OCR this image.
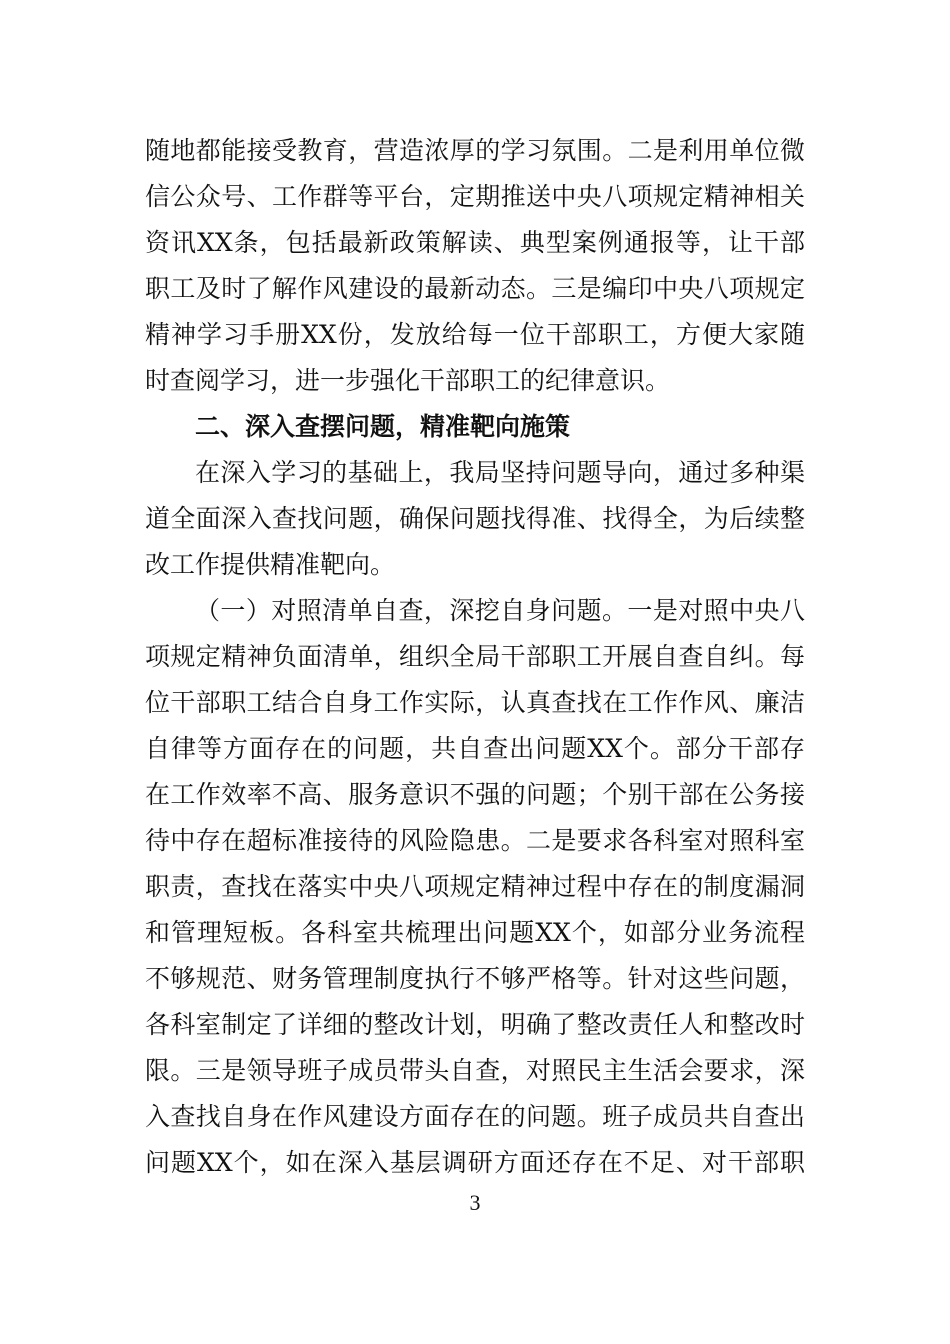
随地都能接受教育，营造浓厚的学习氛围。二是利用单位微
信公众号、工作群等平台，定期推送中央八项规定精神相关
资讯XX条，包括最新政策解读、典型案例通报等，让干部
职工及时了解作风建设的最新动态。三是编印中央八项规定
精神学习手册XX份，发放给每一位干部职工，方便大家随
时查阅学习，进一步强化干部职工的纪律意识。
二、深入查摆问题，精准靶向施策
在深入学习的基础上，我局坚持问题导向，通过多种渠
道全面深入查找问题，确保问题找得准、找得全，为后续整
改工作提供精准靶向。
（一）对照清单自查，深挖自身问题。一是对照中央八
项规定精神负面清单，组织全局干部职工开展自查自纠。每
位干部职工结合自身工作实际，认真查找在工作作风、廉洁
自律等方面存在的问题，共自查出问题XX个。部分干部存
在工作效率不高、服务意识不强的问题；个别干部在公务接
待中存在超标准接待的风险隐患。二是要求各科室对照科室
职责，查找在落实中央八项规定精神过程中存在的制度漏洞
和管理短板。各科室共梳理出问题XX个，如部分业务流程
不够规范、财务管理制度执行不够严格等。针对这些问题，
各科室制定了详细的整改计划，明确了整改责任人和整改时
限。三是领导班子成员带头自查，对照民主生活会要求，深
入查找自身在作风建设方面存在的问题。班子成员共自查出
问题XX个，如在深入基层调研方面还存在不足、对干部职
3
